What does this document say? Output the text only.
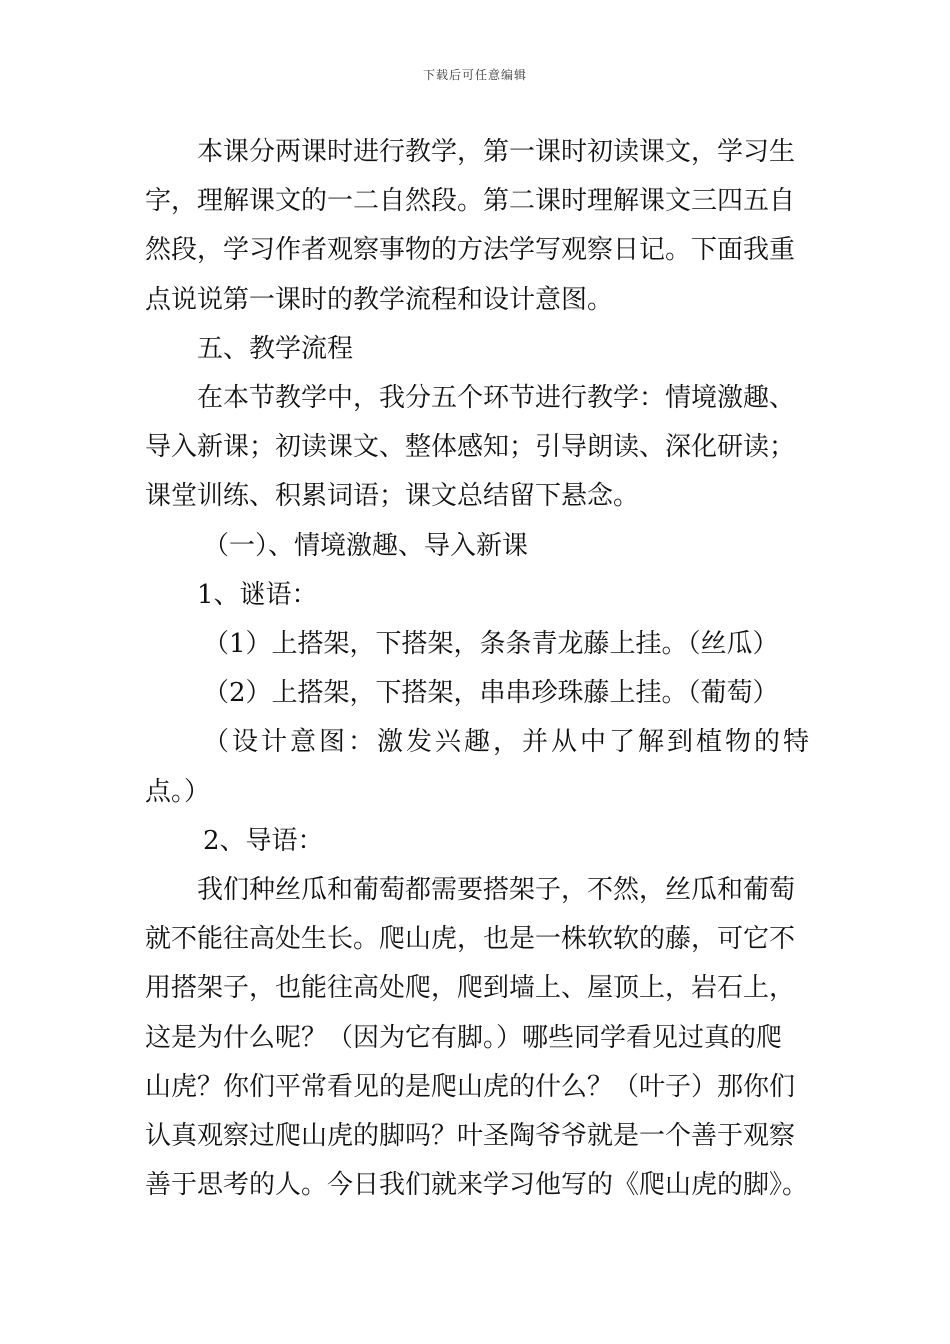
下载后可任意编辑

本课分两课时进行教学，第一课时初读课文，学习生

字，理解课文的一二自然段。第二课时理解课文三四五自

然段，学习作者观察事物的方法学写观察日记。下面我重

点说说第一课时的教学流程和设计意图。

五、教学流程

在本节教学中，我分五个环节进行教学：情境激趣、

导入新课；初读课文、整体感知；引导朗读、深化研读；

课堂训练、积累词语；课文总结留下悬念。

（一）、情境激趣、导入新课

1、谜语：

（1）上搭架，下搭架，条条青龙藤上挂。（丝瓜）

（2）上搭架，下搭架，串串珍珠藤上挂。（葡萄）

（设计意图：激发兴趣，并从中了解到植物的特

点。）

2、导语：

我们种丝瓜和葡萄都需要搭架子，不然，丝瓜和葡萄

就不能往高处生长。爬山虎，也是一株软软的藤，可它不

用搭架子，也能往高处爬，爬到墙上、屋顶上，岩石上，

这是为什么呢？（因为它有脚。）哪些同学看见过真的爬

山虎？你们平常看见的是爬山虎的什么？（叶子）那你们

认真观察过爬山虎的脚吗？叶圣陶爷爷就是一个善于观察

善于思考的人。今日我们就来学习他写的《爬山虎的脚》。
